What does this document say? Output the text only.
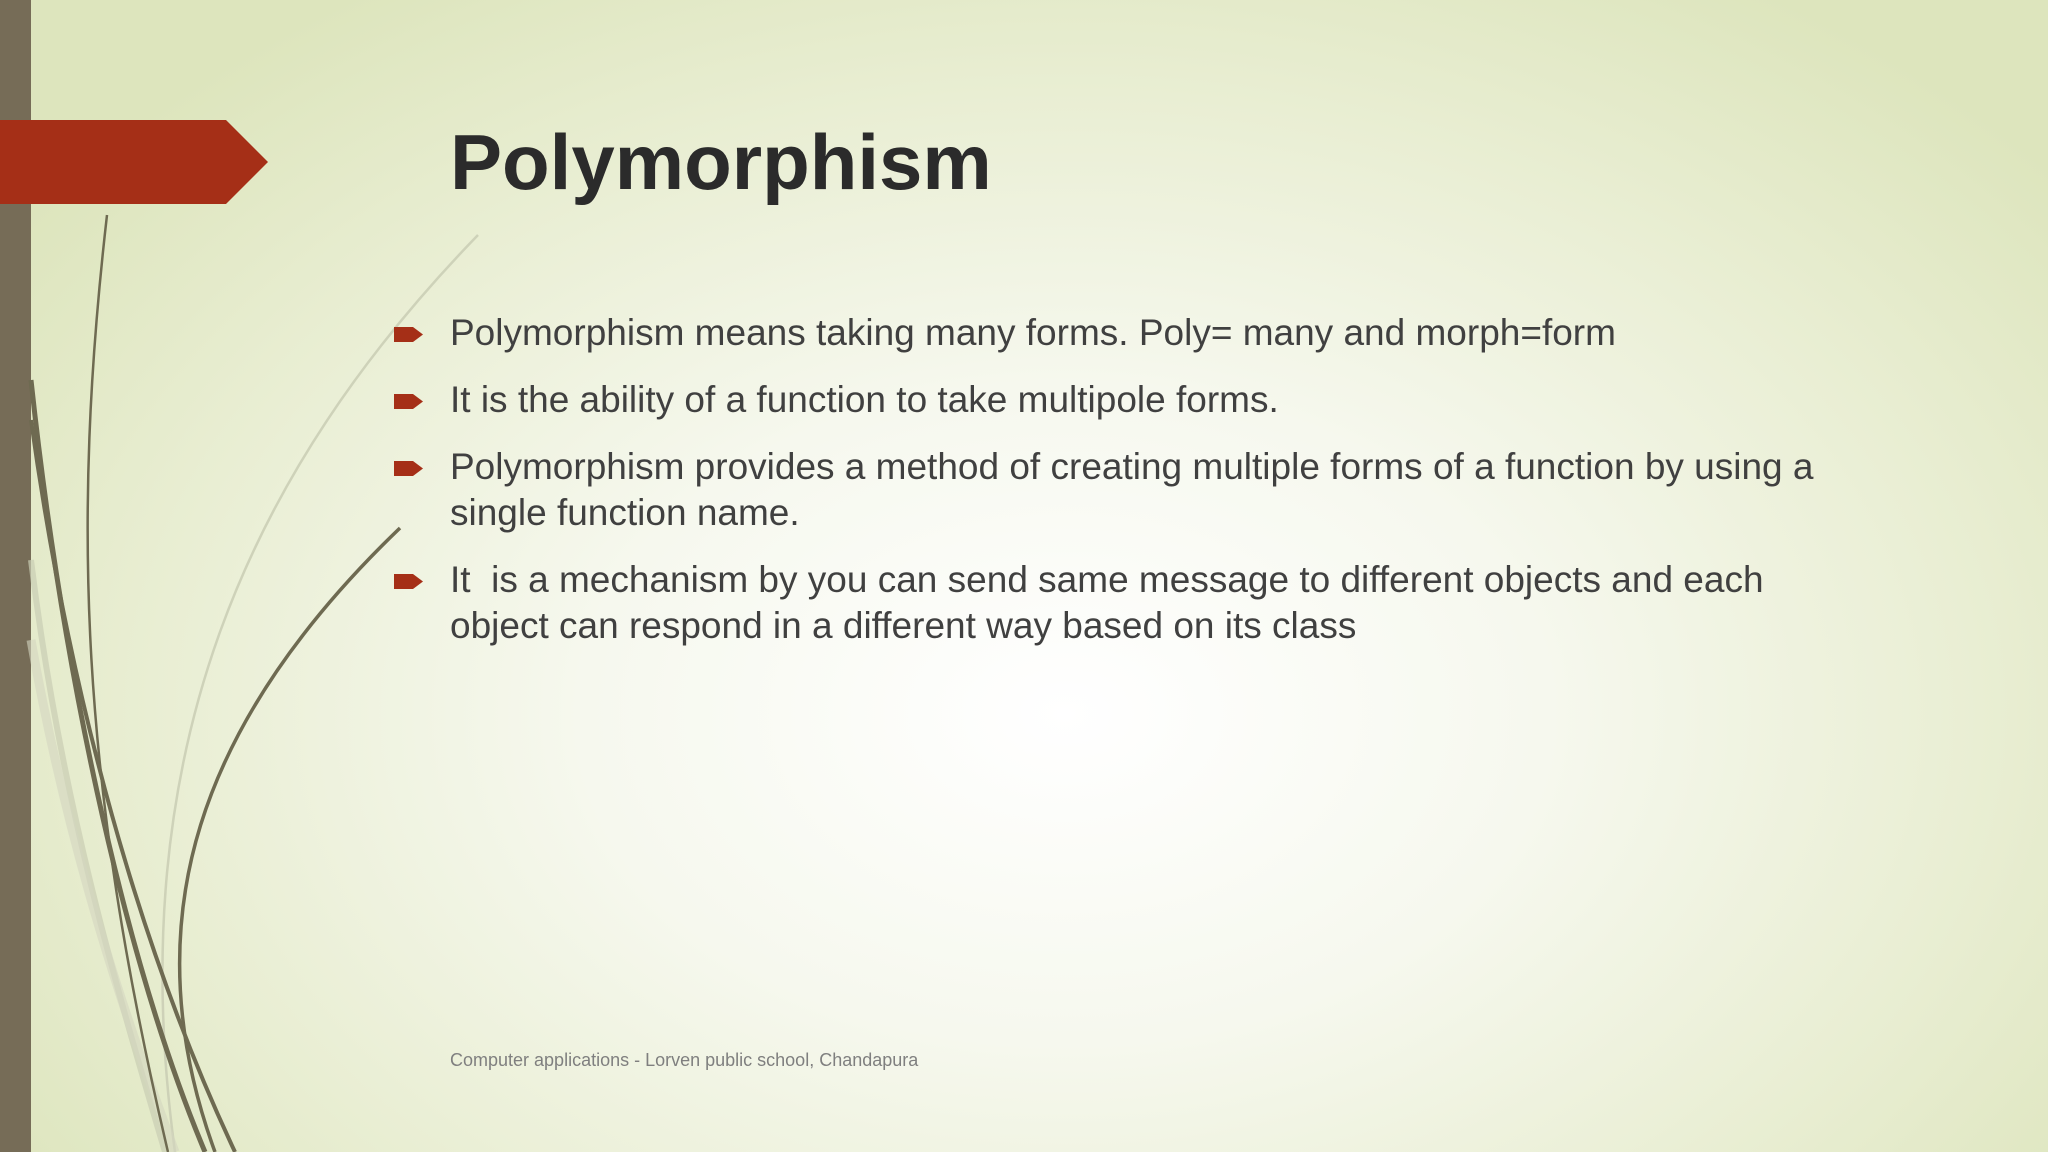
Polymorphism
Polymorphism means taking many forms. Poly= many and morph=form
It is the ability of a function to take multipole forms.
Polymorphism provides a method of creating multiple forms of a function by using a single function name.
It  is a mechanism by you can send same message to different objects and each object can respond in a different way based on its class
Computer applications - Lorven public school, Chandapura
